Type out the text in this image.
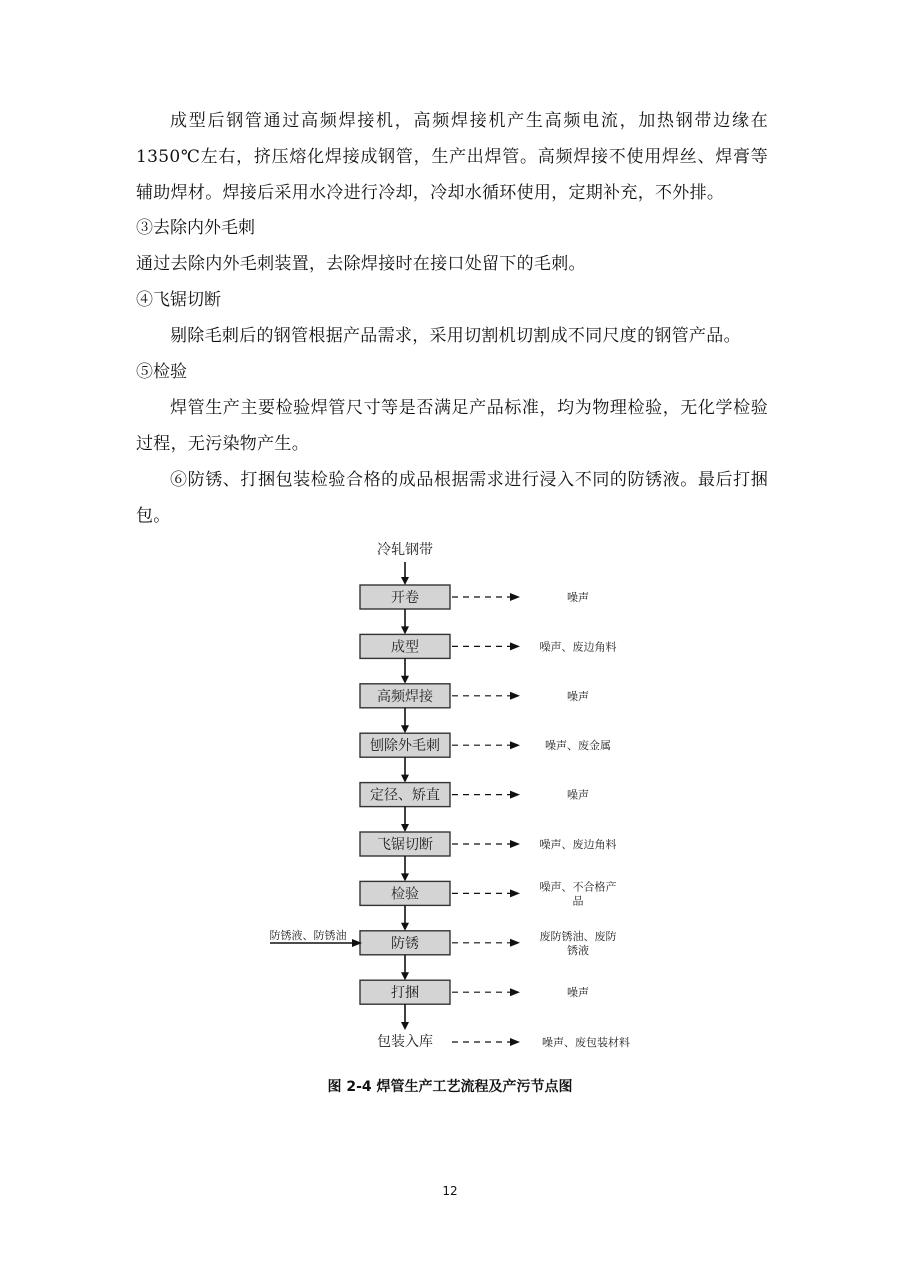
成型后钢管通过高频焊接机，高频焊接机产生高频电流，加热钢带边缘在1350℃左右，挤压熔化焊接成钢管，生产出焊管。高频焊接不使用焊丝、焊膏等辅助焊材。焊接后采用水冷进行冷却，冷却水循环使用，定期补充，不外排。

③去除内外毛刺

通过去除内外毛刺装置，去除焊接时在接口处留下的毛刺。

④飞锯切断

剔除毛刺后的钢管根据产品需求，采用切割机切割成不同尺度的钢管产品。

⑤检验

焊管生产主要检验焊管尺寸等是否满足产品标准，均为物理检验，无化学检验过程，无污染物产生。

⑥防锈、打捆包装检验合格的成品根据需求进行浸入不同的防锈液。最后打捆包。

冷轧钢带
开卷	噪声
成型	噪声、废边角料
高频焊接	噪声
刨除外毛刺	噪声、废金属
定径、矫直	噪声
飞锯切断	噪声、废边角料
检验	噪声、不合格产
品
防锈	废防锈油、废防
锈液
打捆	噪声
防锈液、防锈油
包装入库	噪声、废包装材料
图 2-4 焊管生产工艺流程及产污节点图
12
